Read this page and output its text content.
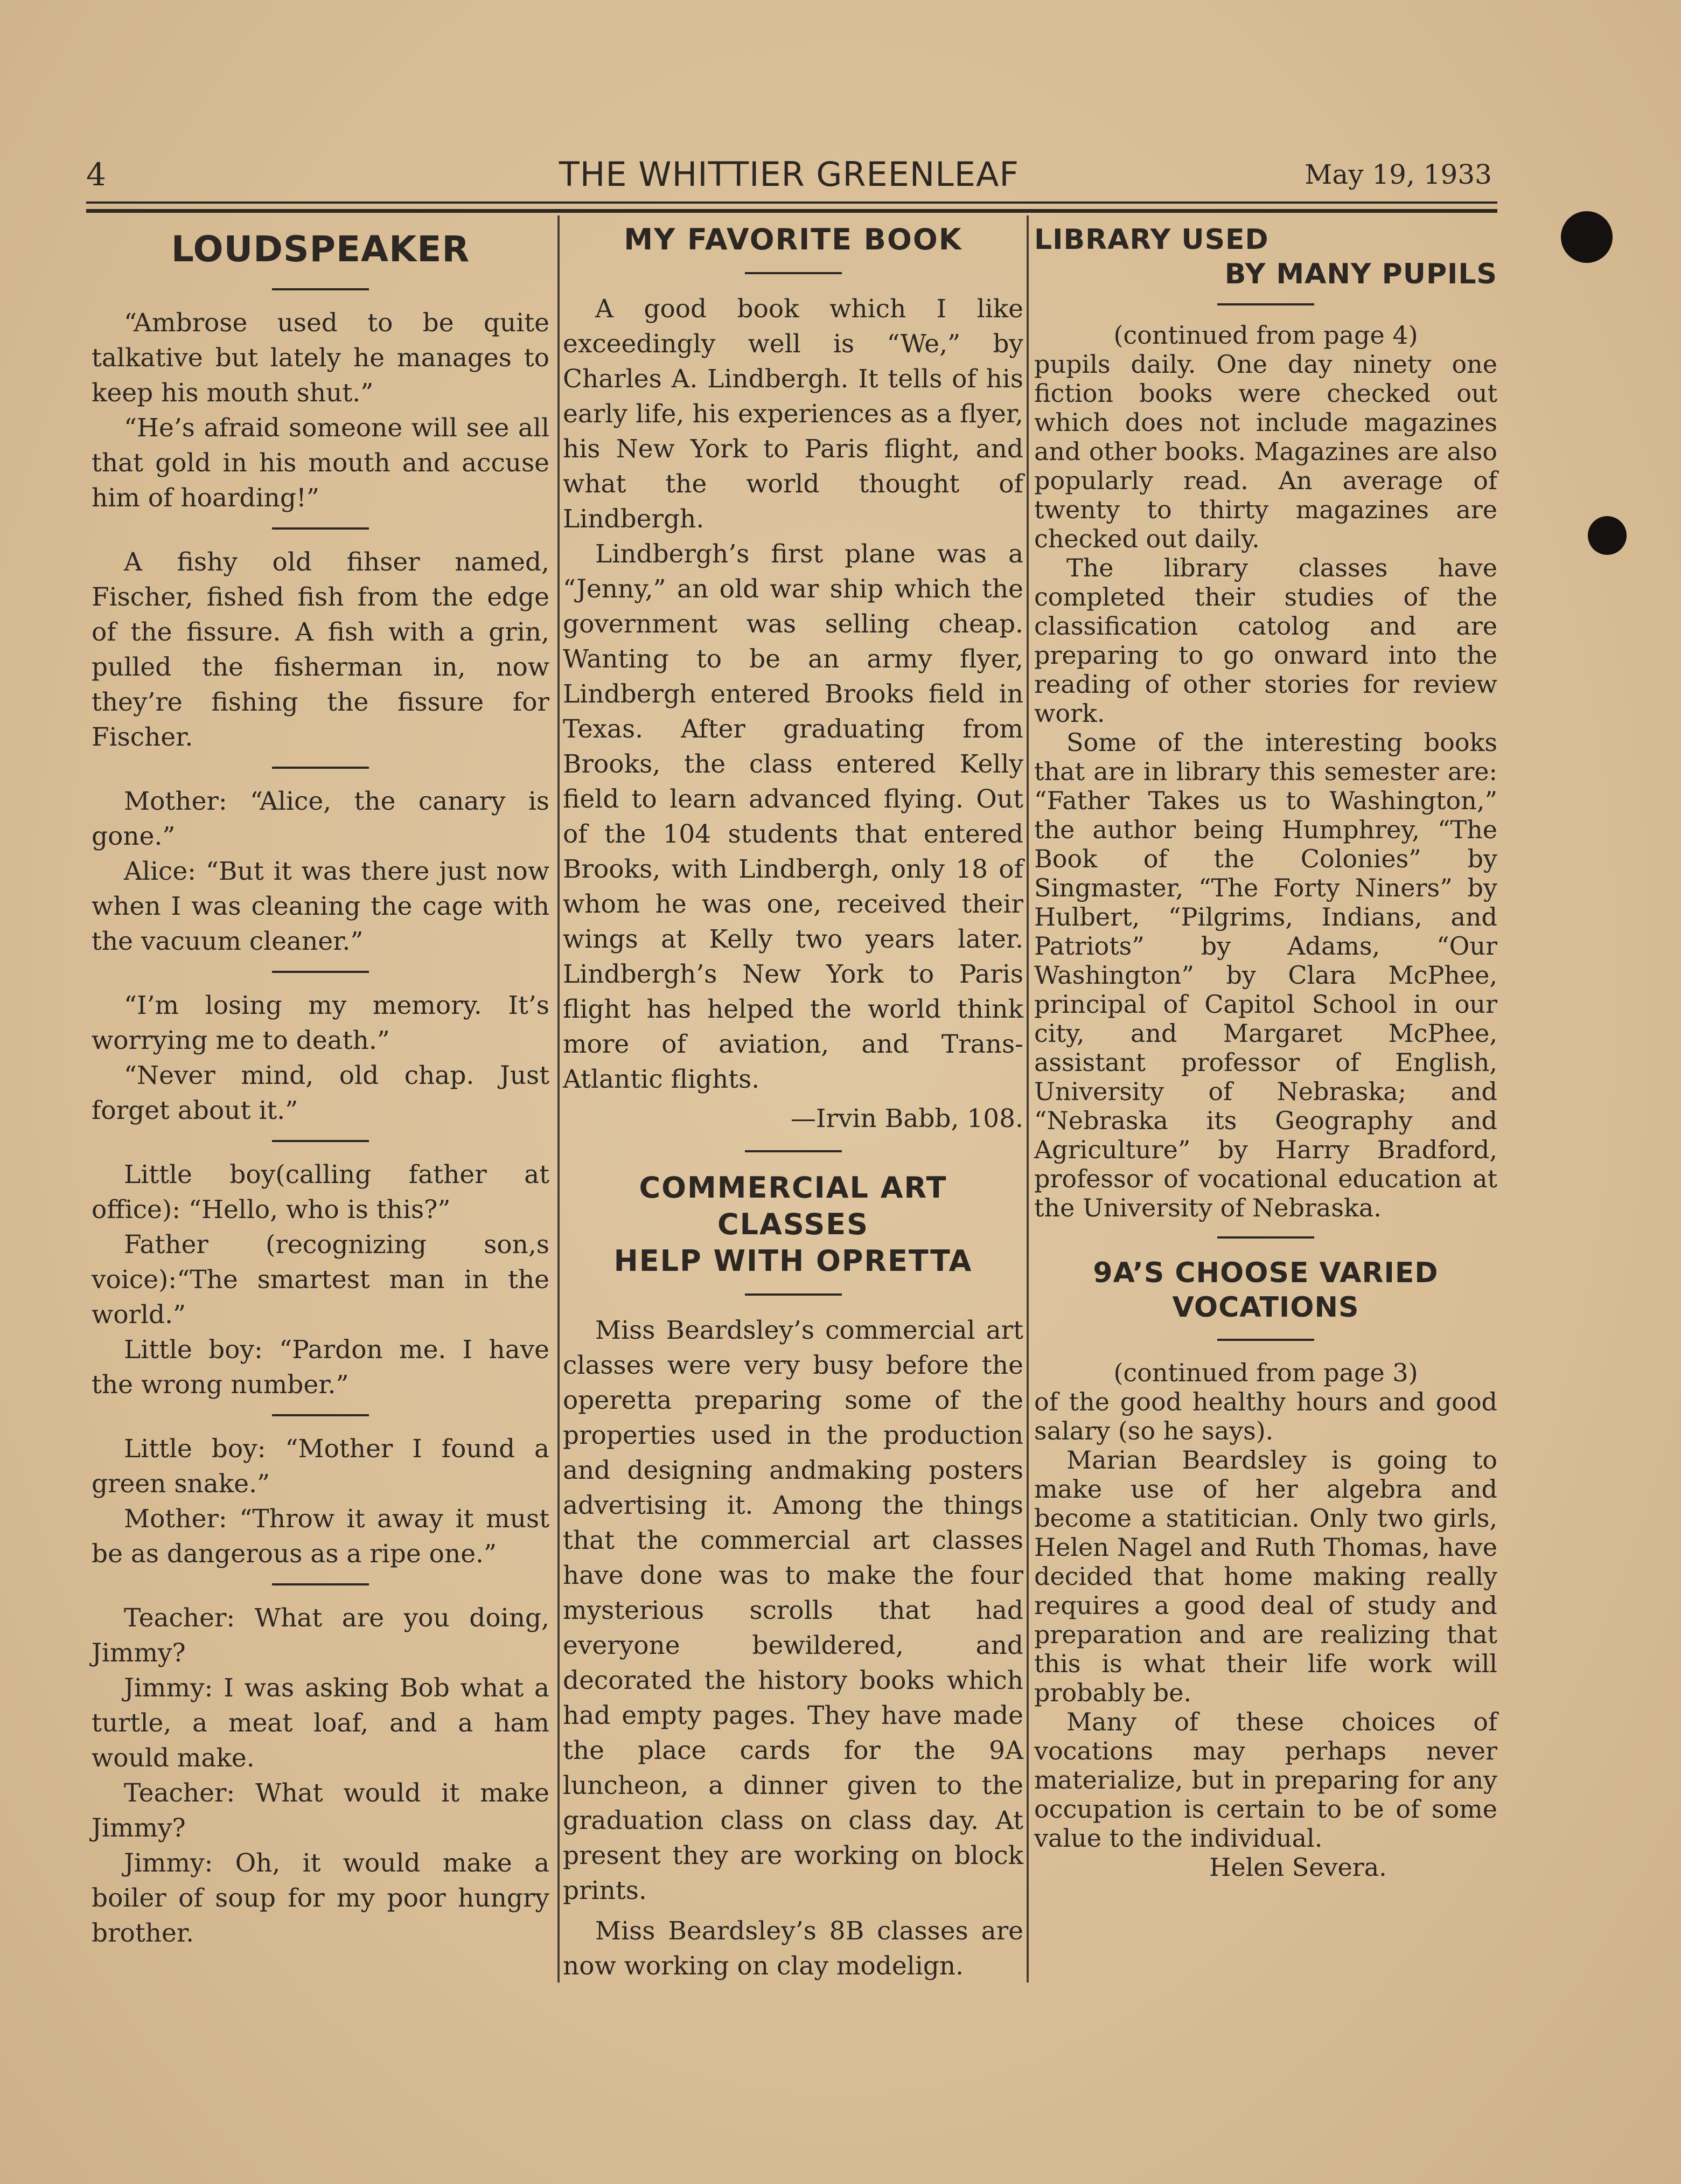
4	THE WHITTIER GREENLEAF	May 19, 1933
LOUDSPEAKER

“Ambrose used to be quite talkative but lately he manages to keep his mouth shut.”

“He’s afraid someone will see all that gold in his mouth and accuse him of hoarding!”

A fishy old fihser named, Fischer, fished fish from the edge of the fissure. A fish with a grin, pulled the fisherman in, now they’re fishing the fissure for Fischer.

Mother: “Alice, the canary is gone.”

Alice: “But it was there just now when I was cleaning the cage with the vacuum cleaner.”

“I’m losing my memory. It’s worrying me to death.”

“Never mind, old chap. Just forget about it.”

Little boy(calling father at office): “Hello, who is this?”

Father (recognizing son,s voice):“The smartest man in the world.”

Little boy: “Pardon me. I have the wrong number.”

Little boy: “Mother I found a green snake.”

Mother: “Throw it away it must be as dangerous as a ripe one.”

Teacher: What are you doing, Jimmy?

Jimmy: I was asking Bob what a turtle, a meat loaf, and a ham would make.

Teacher: What would it make Jimmy?

Jimmy: Oh, it would make a boiler of soup for my poor hungry brother.

MY FAVORITE BOOK

A good book which I like exceedingly well is “We,” by Charles A. Lindbergh. It tells of his early life, his experiences as a flyer, his New York to Paris flight, and what the world thought of Lindbergh.

Lindbergh’s first plane was a “Jenny,” an old war ship which the government was selling cheap. Wanting to be an army flyer, Lindbergh entered Brooks field in Texas. After graduating from Brooks, the class entered Kelly field to learn advanced flying. Out of the 104 students that entered Brooks, with Lindbergh, only 18 of whom he was one, received their wings at Kelly two years later. Lindbergh’s New York to Paris flight has helped the world think more of aviation, and Trans-Atlantic flights.

—Irvin Babb, 108.

COMMERCIAL ART CLASSES
HELP WITH OPRETTA

Miss Beardsley’s commercial art classes were very busy before the operetta preparing some of the properties used in the production and designing andmaking posters advertising it. Among the things that the commercial art classes have done was to make the four mysterious scrolls that had everyone bewildered, and decorated the history books which had empty pages. They have made the place cards for the 9A luncheon, a dinner given to the graduation class on class day. At present they are working on block prints.

Miss Beardsley’s 8B classes are now working on clay modelign.

LIBRARY USED
BY MANY PUPILS

(continued from page 4)

pupils daily. One day ninety one fiction books were checked out which does not include magazines and other books. Magazines are also popularly read. An average of twenty to thirty magazines are checked out daily.

The library classes have completed their studies of the classification catolog and are preparing to go onward into the reading of other stories for review work.

Some of the interesting books that are in library this semester are: “Father Takes us to Washington,” the author being Humphrey, “The Book of the Colonies” by Singmaster, “The Forty Niners” by Hulbert, “Pilgrims, Indians, and Patriots” by Adams, “Our Washington” by Clara McPhee, principal of Capitol School in our city, and Margaret McPhee, assistant professor of English, University of Nebraska; and “Nebraska its Geography and Agriculture” by Harry Bradford, professor of vocational education at the University of Nebraska.

9A’S CHOOSE VARIED
VOCATIONS

(continued from page 3)

of the good healthy hours and good salary (so he says).

Marian Beardsley is going to make use of her algebra and become a statitician. Only two girls, Helen Nagel and Ruth Thomas, have decided that home making really requires a good deal of study and preparation and are realizing that this is what their life work will probably be.

Many of these choices of vocations may perhaps never materialize, but in preparing for any occupation is certain to be of some value to the individual.

Helen Severa.
